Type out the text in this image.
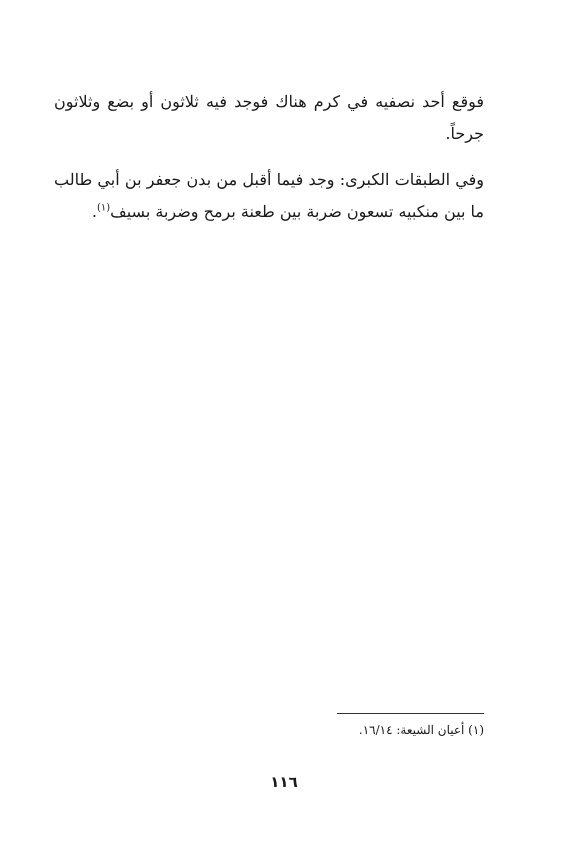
فوقع أحد نصفيه في كرم هناك فوجد فيه ثلاثون أو بضع وثلاثون جرحاً.

وفي الطبقات الكبرى: وجد فيما أقبل من بدن جعفر بن أبي طالب ما بين منكبيه تسعون ضربة بين طعنة برمح وضربة بسيف$^{(١)}$.

(١) أعيان الشيعة: ١٦/١٤.
١١٦
